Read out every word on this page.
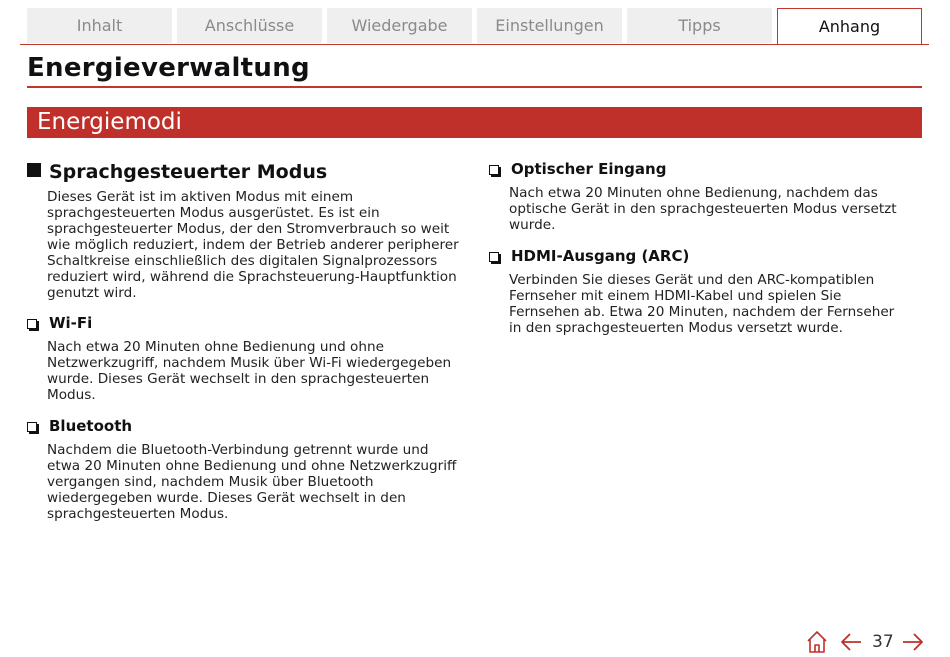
Inhalt	Anschlüsse	Wiedergabe	Einstellungen	Tipps	Anhang
Energieverwaltung
Energiemodi
Sprachgesteuerter Modus

Dieses Gerät ist im aktiven Modus mit einem sprachgesteuerten Modus ausgerüstet. Es ist ein sprachgesteuerter Modus, der den Stromverbrauch so weit wie möglich reduziert, indem der Betrieb anderer peripherer Schaltkreise einschließlich des digitalen Signalprozessors reduziert wird, während die Sprachsteuerung-Hauptfunktion genutzt wird.

Wi-Fi

Nach etwa 20 Minuten ohne Bedienung und ohne Netzwerkzugriff, nachdem Musik über Wi-Fi wiedergegeben wurde. Dieses Gerät wechselt in den sprachgesteuerten Modus.

Bluetooth

Nachdem die Bluetooth-Verbindung getrennt wurde und etwa 20 Minuten ohne Bedienung und ohne Netzwerkzugriff vergangen sind, nachdem Musik über Bluetooth wiedergegeben wurde. Dieses Gerät wechselt in den sprachgesteuerten Modus.

Optischer Eingang

Nach etwa 20 Minuten ohne Bedienung, nachdem das optische Gerät in den sprachgesteuerten Modus versetzt wurde.

HDMI-Ausgang (ARC)

Verbinden Sie dieses Gerät und den ARC-kompatiblen Fernseher mit einem HDMI-Kabel und spielen Sie Fernsehen ab. Etwa 20 Minuten, nachdem der Fernseher in den sprachgesteuerten Modus versetzt wurde.

37
